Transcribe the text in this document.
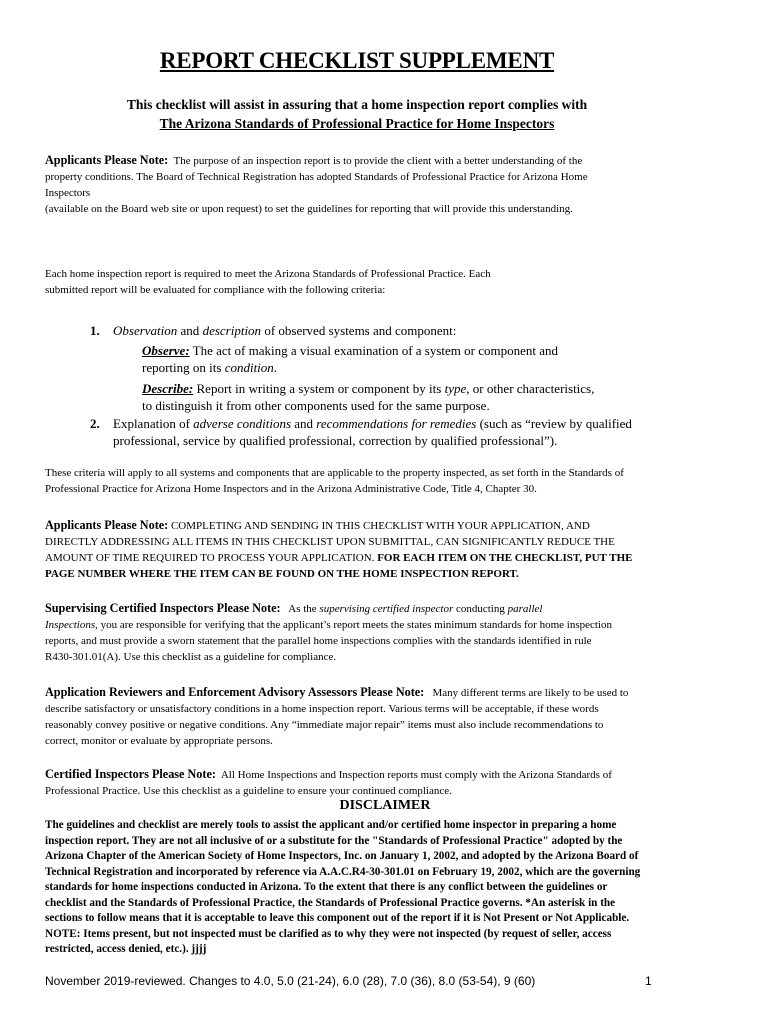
REPORT CHECKLIST SUPPLEMENT
This checklist will assist in assuring that a home inspection report complies with
The Arizona Standards of Professional Practice for Home Inspectors
Applicants Please Note: The purpose of an inspection report is to provide the client with a better understanding of the
property conditions. The Board of Technical Registration has adopted Standards of Professional Practice for Arizona Home
Inspectors
(available on the Board web site or upon request) to set the guidelines for reporting that will provide this understanding.
Each home inspection report is required to meet the Arizona Standards of Professional Practice. Each
submitted report will be evaluated for compliance with the following criteria:
1. Observation and description of observed systems and component:
Observe: The act of making a visual examination of a system or component and
reporting on its condition.
Describe: Report in writing a system or component by its type, or other characteristics,
to distinguish it from other components used for the same purpose.
2. Explanation of adverse conditions and recommendations for remedies (such as “review by qualified
professional, service by qualified professional, correction by qualified professional”).
These criteria will apply to all systems and components that are applicable to the property inspected, as set forth in the Standards of
Professional Practice for Arizona Home Inspectors and in the Arizona Administrative Code, Title 4, Chapter 30.
Applicants Please Note: COMPLETING AND SENDING IN THIS CHECKLIST WITH YOUR APPLICATION, AND
DIRECTLY ADDRESSING ALL ITEMS IN THIS CHECKLIST UPON SUBMITTAL, CAN SIGNIFICANTLY REDUCE THE
AMOUNT OF TIME REQUIRED TO PROCESS YOUR APPLICATION. FOR EACH ITEM ON THE CHECKLIST, PUT THE
PAGE NUMBER WHERE THE ITEM CAN BE FOUND ON THE HOME INSPECTION REPORT.
Supervising Certified Inspectors Please Note: As the supervising certified inspector conducting parallel
Inspections, you are responsible for verifying that the applicant’s report meets the states minimum standards for home inspection
reports, and must provide a sworn statement that the parallel home inspections complies with the standards identified in rule
R430-301.01(A). Use this checklist as a guideline for compliance.
Application Reviewers and Enforcement Advisory Assessors Please Note: Many different terms are likely to be used to
describe satisfactory or unsatisfactory conditions in a home inspection report. Various terms will be acceptable, if these words
reasonably convey positive or negative conditions. Any “immediate major repair” items must also include recommendations to
correct, monitor or evaluate by appropriate persons.
Certified Inspectors Please Note: All Home Inspections and Inspection reports must comply with the Arizona Standards of
Professional Practice. Use this checklist as a guideline to ensure your continued compliance.
DISCLAIMER
The guidelines and checklist are merely tools to assist the applicant and/or certified home inspector in preparing a home
inspection report. They are not all inclusive of or a substitute for the "Standards of Professional Practice" adopted by the
Arizona Chapter of the American Society of Home Inspectors, Inc. on January 1, 2002, and adopted by the Arizona Board of
Technical Registration and incorporated by reference via A.A.C.R4-30-301.01 on February 19, 2002, which are the governing
standards for home inspections conducted in Arizona. To the extent that there is any conflict between the guidelines or
checklist and the Standards of Professional Practice, the Standards of Professional Practice governs. *An asterisk in the
sections to follow means that it is acceptable to leave this component out of the report if it is Not Present or Not Applicable.
NOTE: Items present, but not inspected must be clarified as to why they were not inspected (by request of seller, access
restricted, access denied, etc.). jjjj
November 2019-reviewed. Changes to 4.0, 5.0 (21-24), 6.0 (28), 7.0 (36), 8.0 (53-54), 9 (60)	1
